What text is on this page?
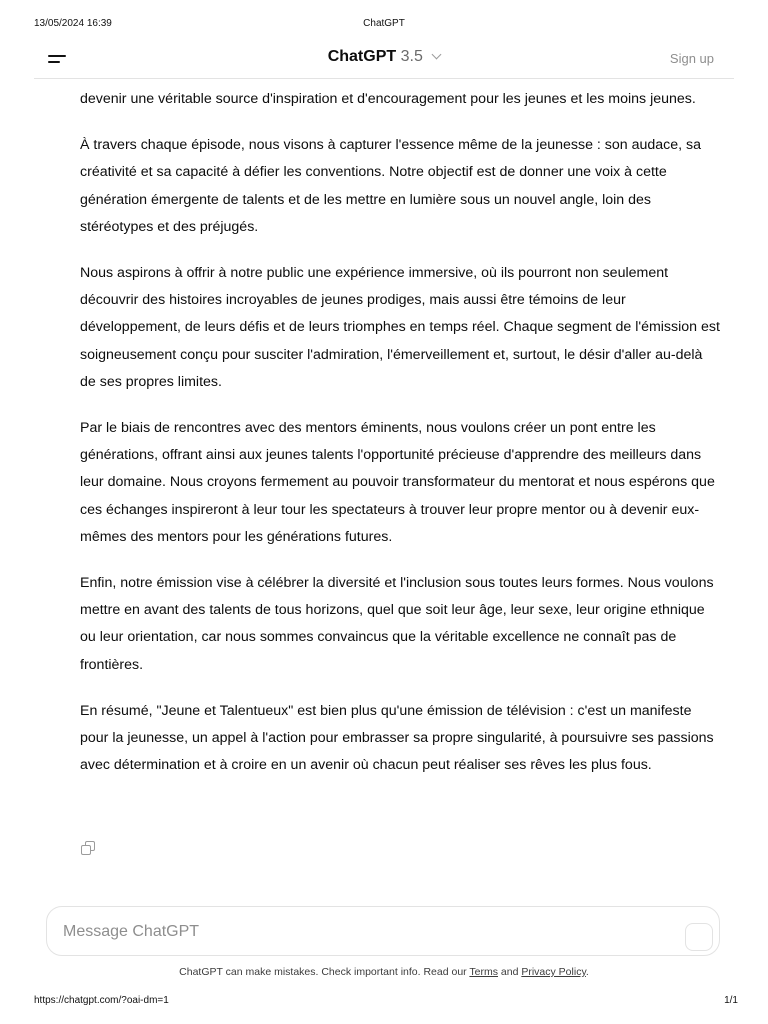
13/05/2024 16:39	ChatGPT
ChatGPT 3.5	Sign up

devenir une véritable source d'inspiration et d'encouragement pour les jeunes et les moins jeunes.

À travers chaque épisode, nous visons à capturer l'essence même de la jeunesse : son audace, sa créativité et sa capacité à défier les conventions. Notre objectif est de donner une voix à cette génération émergente de talents et de les mettre en lumière sous un nouvel angle, loin des stéréotypes et des préjugés.

Nous aspirons à offrir à notre public une expérience immersive, où ils pourront non seulement découvrir des histoires incroyables de jeunes prodiges, mais aussi être témoins de leur développement, de leurs défis et de leurs triomphes en temps réel. Chaque segment de l'émission est soigneusement conçu pour susciter l'admiration, l'émerveillement et, surtout, le désir d'aller au-delà de ses propres limites.

Par le biais de rencontres avec des mentors éminents, nous voulons créer un pont entre les générations, offrant ainsi aux jeunes talents l'opportunité précieuse d'apprendre des meilleurs dans leur domaine. Nous croyons fermement au pouvoir transformateur du mentorat et nous espérons que ces échanges inspireront à leur tour les spectateurs à trouver leur propre mentor ou à devenir eux-mêmes des mentors pour les générations futures.

Enfin, notre émission vise à célébrer la diversité et l'inclusion sous toutes leurs formes. Nous voulons mettre en avant des talents de tous horizons, quel que soit leur âge, leur sexe, leur origine ethnique ou leur orientation, car nous sommes convaincus que la véritable excellence ne connaît pas de frontières.

En résumé, "Jeune et Talentueux" est bien plus qu'une émission de télévision : c'est un manifeste pour la jeunesse, un appel à l'action pour embrasser sa propre singularité, à poursuivre ses passions avec détermination et à croire en un avenir où chacun peut réaliser ses rêves les plus fous.

Message ChatGPT
ChatGPT can make mistakes. Check important info. Read our Terms and Privacy Policy.
https://chatgpt.com/?oai-dm=1	1/1
